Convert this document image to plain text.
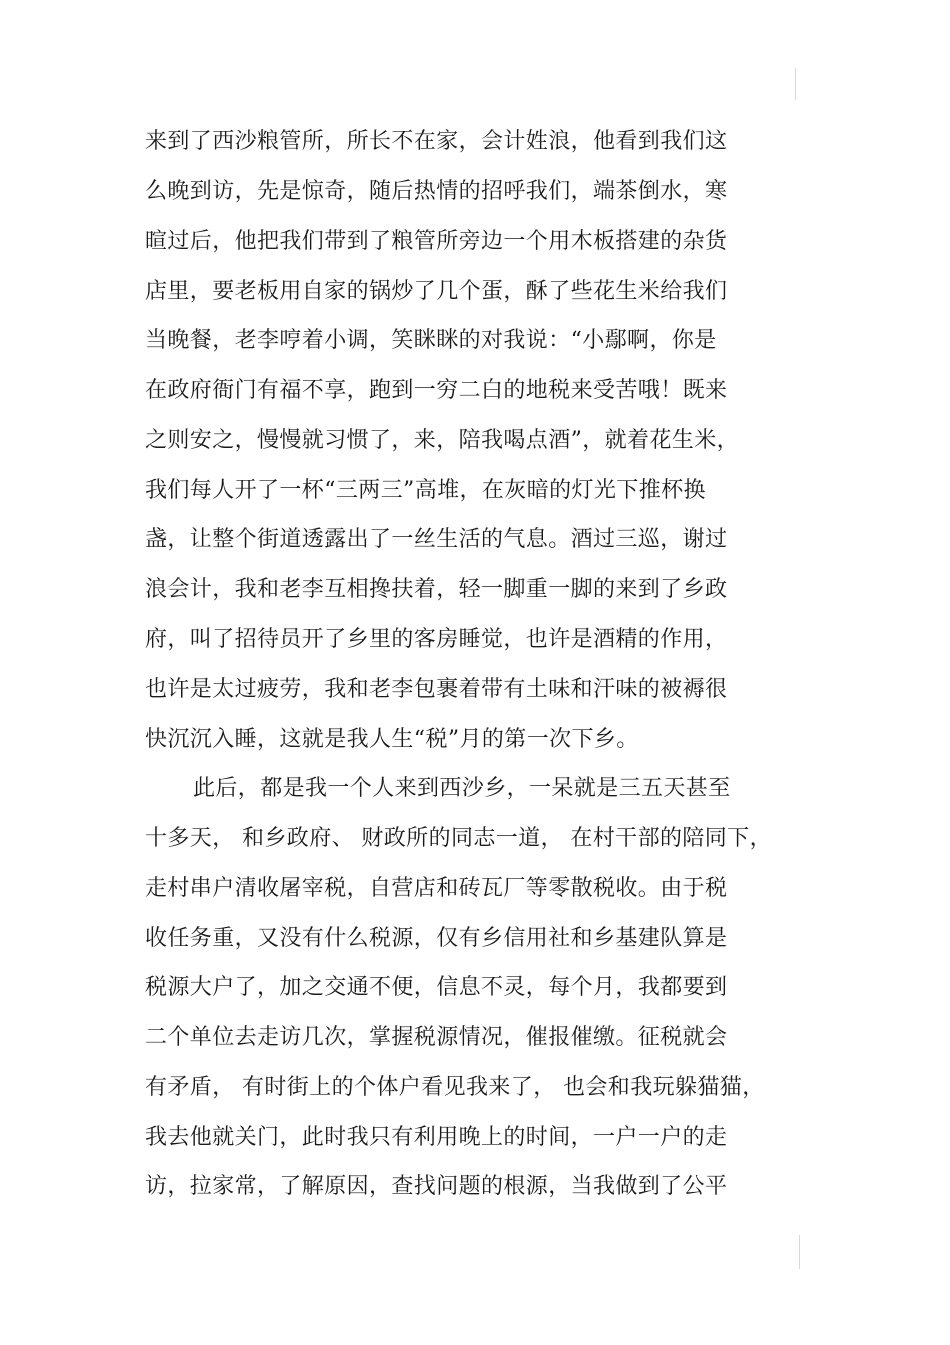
来到了西沙粮管所，所长不在家，会计姓浪，他看到我们这
么晚到访，先是惊奇，随后热情的招呼我们，端茶倒水，寒
暄过后，他把我们带到了粮管所旁边一个用木板搭建的杂货
店里，要老板用自家的锅炒了几个蛋，酥了些花生米给我们
当晚餐，老李哼着小调，笑眯眯的对我说：“小鄢啊，你是
在政府衙门有福不享，跑到一穷二白的地税来受苦哦！既来
之则安之，慢慢就习惯了，来，陪我喝点酒”，就着花生米，
我们每人开了一杯“三两三”高堆，在灰暗的灯光下推杯换
盏，让整个街道透露出了一丝生活的气息。酒过三巡，谢过
浪会计，我和老李互相搀扶着，轻一脚重一脚的来到了乡政
府，叫了招待员开了乡里的客房睡觉，也许是酒精的作用，
也许是太过疲劳，我和老李包裹着带有土味和汗味的被褥很
快沉沉入睡，这就是我人生“税”月的第一次下乡。
此后，都是我一个人来到西沙乡，一呆就是三五天甚至
十多天， 和乡政府、 财政所的同志一道， 在村干部的陪同下，
走村串户清收屠宰税，自营店和砖瓦厂等零散税收。由于税
收任务重，又没有什么税源，仅有乡信用社和乡基建队算是
税源大户了，加之交通不便，信息不灵，每个月，我都要到
二个单位去走访几次，掌握税源情况，催报催缴。征税就会
有矛盾， 有时街上的个体户看见我来了， 也会和我玩躲猫猫，
我去他就关门，此时我只有利用晚上的时间，一户一户的走
访，拉家常，了解原因，查找问题的根源，当我做到了公平
